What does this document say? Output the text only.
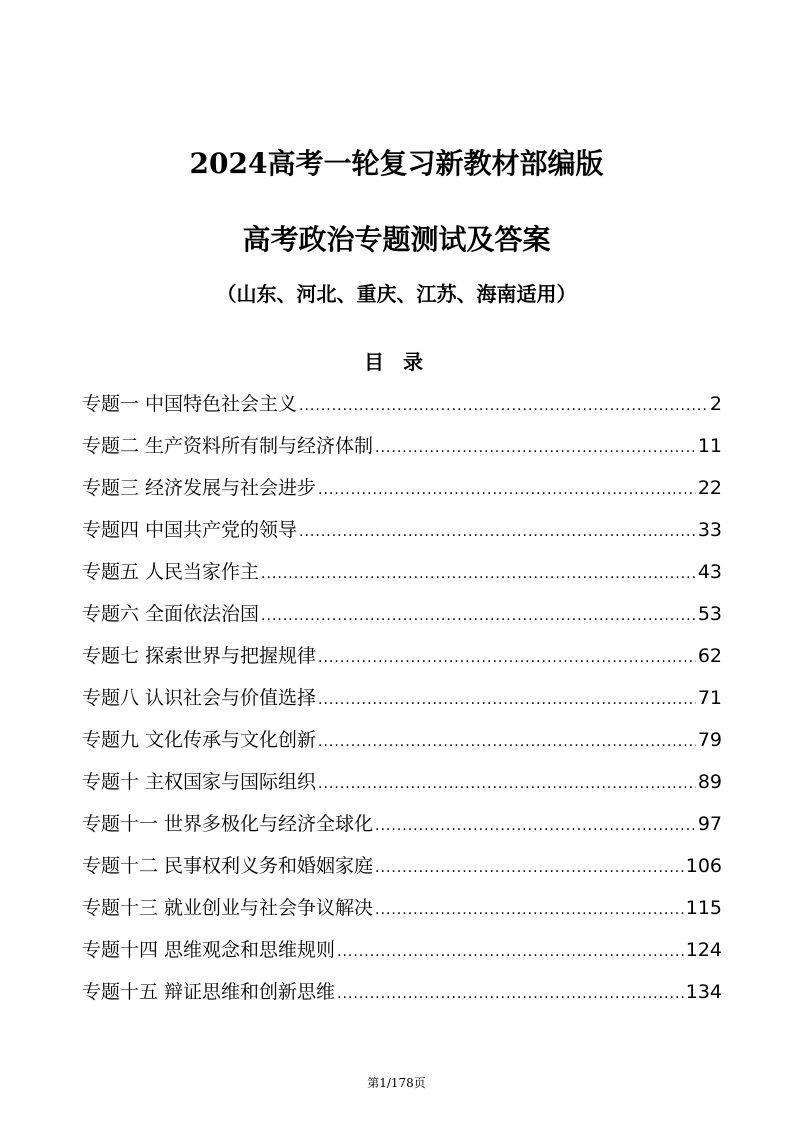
2024高考一轮复习新教材部编版
高考政治专题测试及答案
（山东、河北、重庆、江苏、海南适用）
目 录
专题一 中国特色社会主义 .....	2
专题二 生产资料所有制与经济体制 .....	11
专题三 经济发展与社会进步 .....	22
专题四 中国共产党的领导 .....	33
专题五 人民当家作主 .....	43
专题六 全面依法治国 .....	53
专题七 探索世界与把握规律 .....	62
专题八 认识社会与价值选择 .....	71
专题九 文化传承与文化创新 .....	79
专题十 主权国家与国际组织 .....	89
专题十一 世界多极化与经济全球化 .....	97
专题十二 民事权利义务和婚姻家庭 .....	106
专题十三 就业创业与社会争议解决 .....	115
专题十四 思维观念和思维规则 .....	124
专题十五 辩证思维和创新思维 .....	134
第1/178页
